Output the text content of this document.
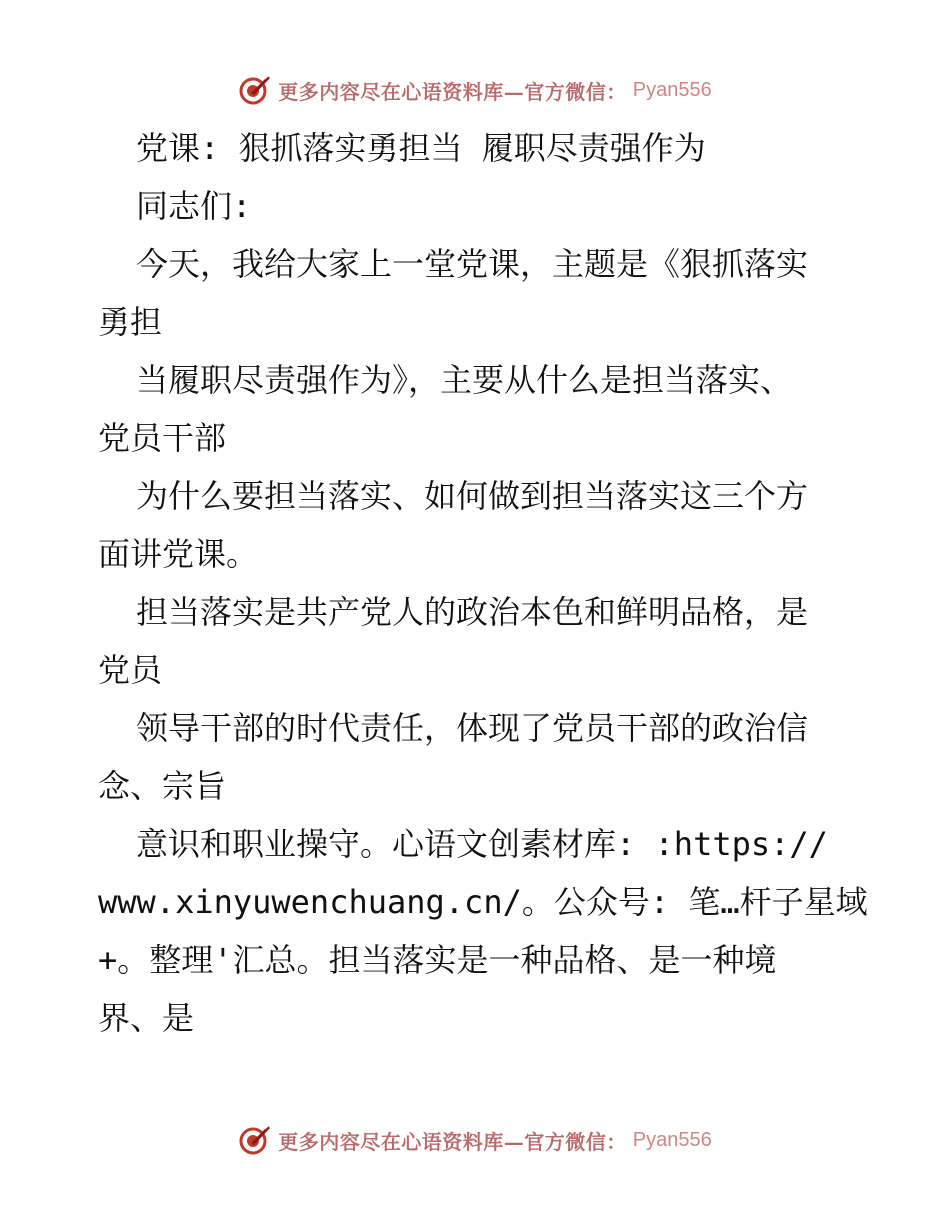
更多内容尽在心语资料库—官方微信： Pyan556
党课: 狠抓落实勇担当 履职尽责强作为
同志们:
今天，我给大家上一堂党课，主题是《狠抓落实
勇担
当履职尽责强作为》，主要从什么是担当落实、
党员干部
为什么要担当落实、如何做到担当落实这三个方
面讲党课。
担当落实是共产党人的政治本色和鲜明品格，是
党员
领导干部的时代责任，体现了党员干部的政治信
念、宗旨
意识和职业操守。心语文创素材库: :https://
www.xinyuwenchuang.cn/。公众号: 笔…杆子星域
+。整理'汇总。担当落实是一种品格、是一种境
界、是
更多内容尽在心语资料库—官方微信： Pyan556
